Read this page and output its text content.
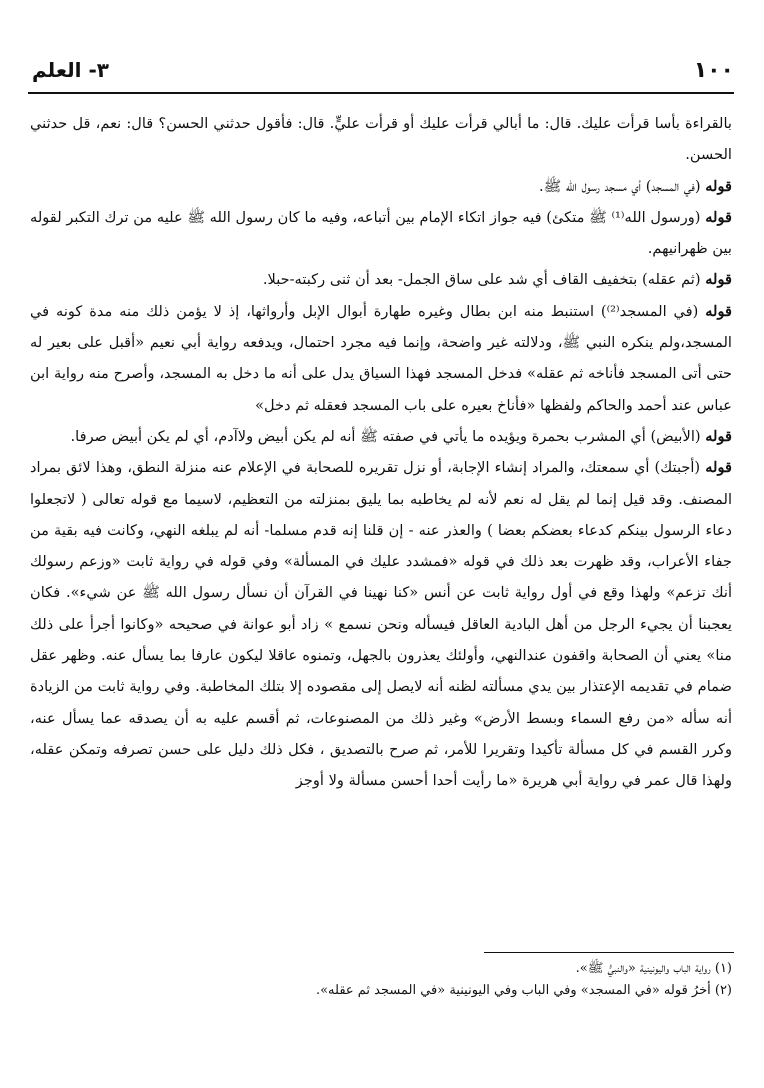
١٠٠
٣- العلم

بالقراءة بأسا قرأت عليك. قال: ما أبالي قرأت عليك أو قرأت عليٍّ. قال: فأقول حدثني الحسن؟ قال: نعم، قل حدثني الحسن.

قوله (في المسجد) أي مسجد رسول الله ﷺ.

قوله (ورسول الله⁽¹⁾ ﷺ متكئ) فيه جواز اتكاء الإمام بين أتباعه، وفيه ما كان رسول الله ﷺ عليه من ترك التكبر لقوله بين ظهرانيهم.

قوله (ثم عقله) بتخفيف القاف أي شد على ساق الجمل- بعد أن ثنى ركبته-حبلا.

قوله (في المسجد⁽²⁾) استنبط منه ابن بطال وغيره طهارة أبوال الإبل وأرواثها، إذ لا يؤمن ذلك منه مدة كونه في المسجد،ولم ينكره النبي ﷺ، ودلالته غير واضحة، وإنما فيه مجرد احتمال، ويدفعه رواية أبي نعيم «أقبل على بعير له حتى أتى المسجد فأناخه ثم عقله» فدخل المسجد فهذا السياق يدل على أنه ما دخل به المسجد، وأصرح منه رواية ابن عباس عند أحمد والحاكم ولفظها «فأناخ بعيره على باب المسجد فعقله ثم دخل»

قوله (الأبيض) أي المشرب بحمرة ويؤيده ما يأتي في صفته ﷺ أنه لم يكن أبيض ولاآدم، أي لم يكن أبيض صرفا.

قوله (أجبتك) أي سمعتك، والمراد إنشاء الإجابة، أو نزل تقريره للصحابة في الإعلام عنه منزلة النطق، وهذا لائق بمراد المصنف. وقد قيل إنما لم يقل له نعم لأنه لم يخاطبه بما يليق بمنزلته من التعظيم، لاسيما مع قوله تعالى ( لاتجعلوا دعاء الرسول بينكم كدعاء بعضكم بعضا ) والعذر عنه - إن قلنا إنه قدم مسلما- أنه لم يبلغه النهي، وكانت فيه بقية من جفاء الأعراب، وقد ظهرت بعد ذلك في قوله «فمشدد عليك في المسألة» وفي قوله في رواية ثابت «وزعم رسولك أنك تزعم» ولهذا وقع في أول رواية ثابت عن أنس «كنا نهينا في القرآن أن نسأل رسول الله ﷺ عن شيء». فكان يعجبنا أن يجيء الرجل من أهل البادية العاقل فيسأله ونحن نسمع » زاد أبو عوانة في صحيحه «وكانوا أجرأ على ذلك منا» يعني أن الصحابة واقفون عندالنهي، وأولئك يعذرون بالجهل، وتمنوه عاقلا ليكون عارفا بما يسأل عنه. وظهر عقل ضمام في تقديمه الإعتذار بين يدي مسألته لظنه أنه لايصل إلى مقصوده إلا بتلك المخاطبة. وفي رواية ثابت من الزيادة أنه سأله «من رفع السماء وبسط الأرض» وغير ذلك من المصنوعات، ثم أقسم عليه به أن يصدقه عما يسأل عنه، وكرر القسم في كل مسألة تأكيدا وتقريرا للأمر، ثم صرح بالتصديق ، فكل ذلك دليل على حسن تصرفه وتمكن عقله، ولهذا قال عمر في رواية أبي هريرة «ما رأيت أحدا أحسن مسألة ولا أوجز

(١) رواية الباب واليونينية «والنبيُّ ﷺ».
(٢) أخرُ قوله «في المسجد» وفي الباب وفي اليونينية «في المسجد ثم عقله».
